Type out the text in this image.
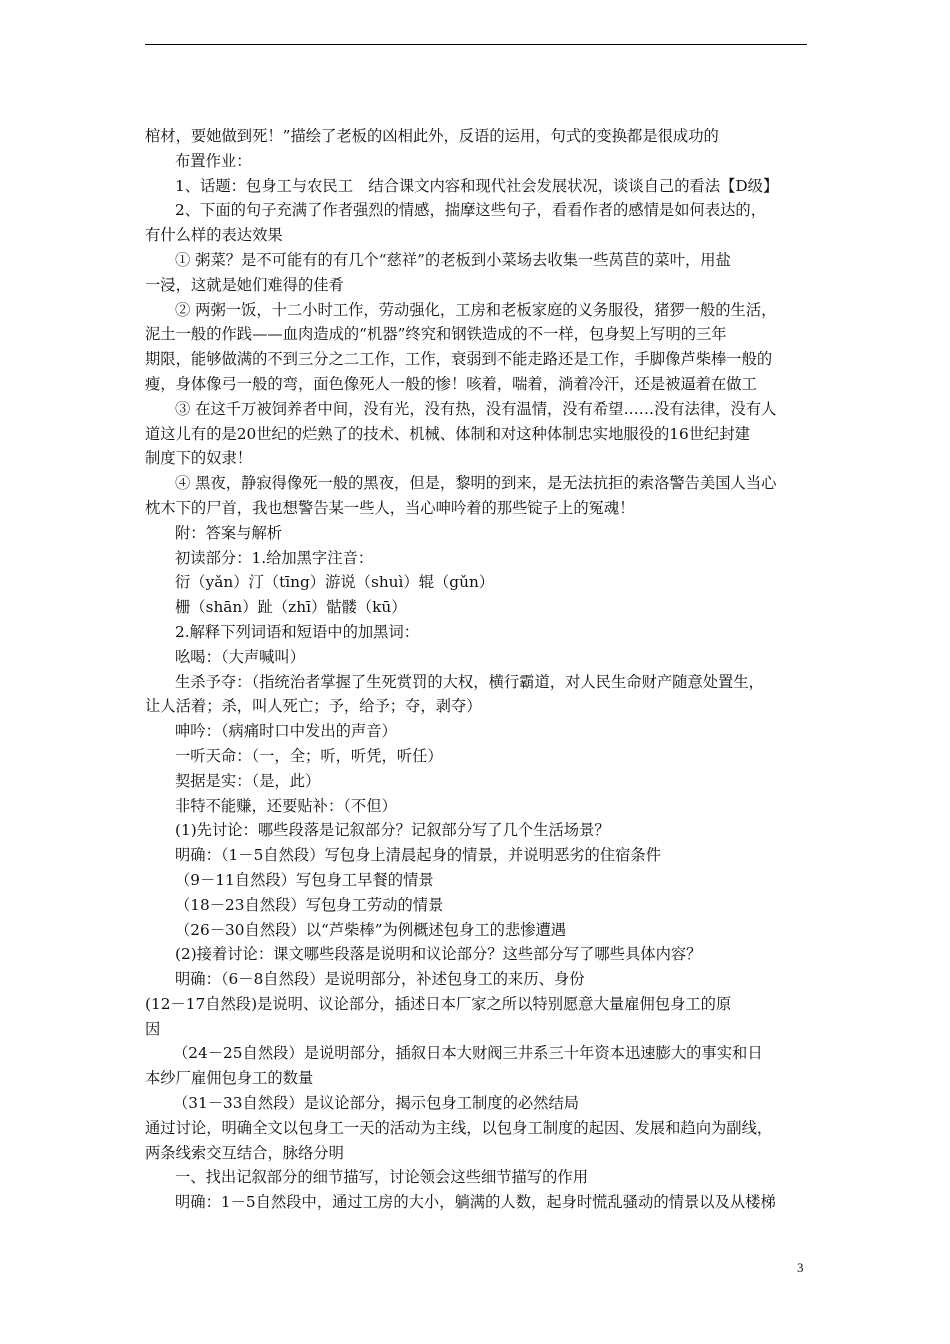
棺材，要她做到死！”描绘了老板的凶相此外，反语的运用，句式的变换都是很成功的
布置作业：
1、话题：包身工与农民工　结合课文内容和现代社会发展状况，谈谈自己的看法【D级】
2、下面的句子充满了作者强烈的情感，揣摩这些句子，看看作者的感情是如何表达的，
有什么样的表达效果
① 粥菜？是不可能有的有几个“慈祥”的老板到小菜场去收集一些莴苣的菜叶，用盐
一浸，这就是她们难得的佳肴
② 两粥一饭，十二小时工作，劳动强化，工房和老板家庭的义务服役，猪猡一般的生活，
泥土一般的作践——血肉造成的“机器”终究和钢铁造成的不一样，包身契上写明的三年
期限，能够做满的不到三分之二工作，工作，衰弱到不能走路还是工作，手脚像芦柴棒一般的
瘦，身体像弓一般的弯，面色像死人一般的惨！咳着，喘着，淌着冷汗，还是被逼着在做工
③ 在这千万被饲养者中间，没有光，没有热，没有温情，没有希望……没有法律，没有人
道这儿有的是20世纪的烂熟了的技术、机械、体制和对这种体制忠实地服役的16世纪封建
制度下的奴隶！
④ 黑夜，静寂得像死一般的黑夜，但是，黎明的到来，是无法抗拒的索洛警告美国人当心
枕木下的尸首，我也想警告某一些人，当心呻吟着的那些锭子上的冤魂！
附：答案与解析
初读部分：1.给加黑字注音：
衍（yǎn）汀（tīng）游说（shuì）辊（gǔn）
栅（shān）趾（zhī）骷髅（kū）
2.解释下列词语和短语中的加黑词：
吆喝：（大声喊叫）
生杀予夺：（指统治者掌握了生死赏罚的大权，横行霸道，对人民生命财产随意处置生，
让人活着；杀，叫人死亡；予，给予；夺，剥夺）
呻吟：（病痛时口中发出的声音）
一听天命：（一，全；听，听凭，听任）
契据是实：（是，此）
非特不能赚，还要贴补：（不但）
(1)先讨论：哪些段落是记叙部分？记叙部分写了几个生活场景？
明确：（1－5自然段）写包身上清晨起身的情景，并说明恶劣的住宿条件
（9－11自然段）写包身工早餐的情景
（18－23自然段）写包身工劳动的情景
（26－30自然段）以“芦柴棒”为例概述包身工的悲惨遭遇
(2)接着讨论：课文哪些段落是说明和议论部分？这些部分写了哪些具体内容？
明确：（6－8自然段）是说明部分，补述包身工的来历、身份
(12－17自然段)是说明、议论部分，插述日本厂家之所以特别愿意大量雇佣包身工的原
因
（24－25自然段）是说明部分，插叙日本大财阀三井系三十年资本迅速膨大的事实和日
本纱厂雇佣包身工的数量
（31－33自然段）是议论部分，揭示包身工制度的必然结局
通过讨论，明确全文以包身工一天的活动为主线，以包身工制度的起因、发展和趋向为副线，
两条线索交互结合，脉络分明
一、找出记叙部分的细节描写，讨论领会这些细节描写的作用
明确：1－5自然段中，通过工房的大小，躺满的人数，起身时慌乱骚动的情景以及从楼梯
3
